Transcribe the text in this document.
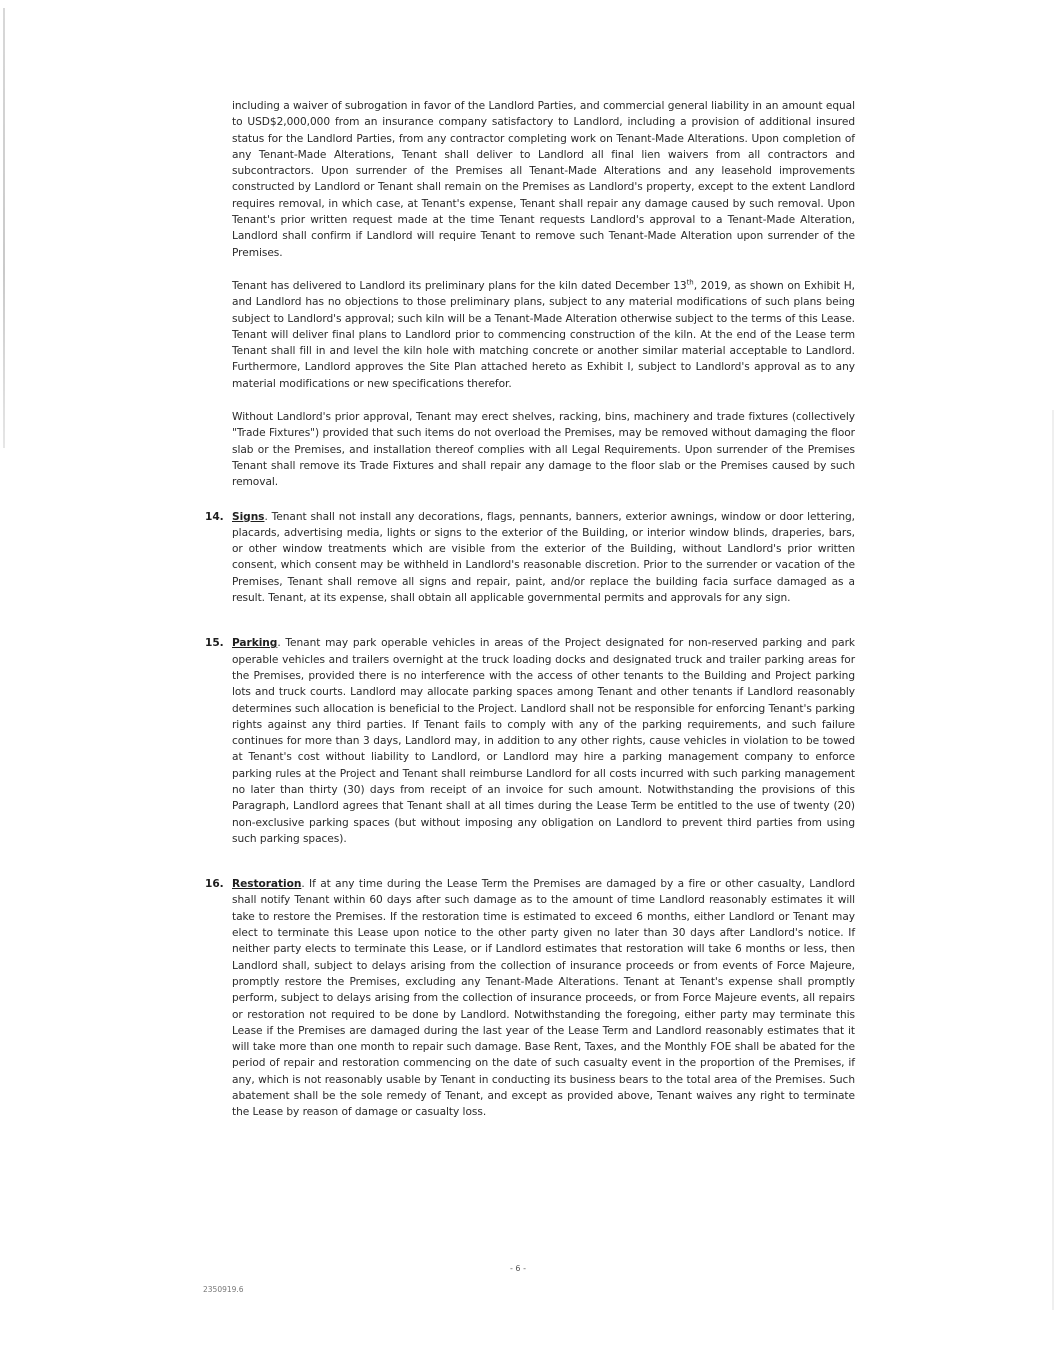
including a waiver of subrogation in favor of the Landlord Parties, and commercial general liability in an amount equal to USD$2,000,000 from an insurance company satisfactory to Landlord, including a provision of additional insured status for the Landlord Parties, from any contractor completing work on Tenant-Made Alterations. Upon completion of any Tenant-Made Alterations, Tenant shall deliver to Landlord all final lien waivers from all contractors and subcontractors. Upon surrender of the Premises all Tenant-Made Alterations and any leasehold improvements constructed by Landlord or Tenant shall remain on the Premises as Landlord's property, except to the extent Landlord requires removal, in which case, at Tenant's expense, Tenant shall repair any damage caused by such removal. Upon Tenant's prior written request made at the time Tenant requests Landlord's approval to a Tenant-Made Alteration, Landlord shall confirm if Landlord will require Tenant to remove such Tenant-Made Alteration upon surrender of the Premises.

Tenant has delivered to Landlord its preliminary plans for the kiln dated December 13th, 2019, as shown on Exhibit H, and Landlord has no objections to those preliminary plans, subject to any material modifications of such plans being subject to Landlord's approval; such kiln will be a Tenant-Made Alteration otherwise subject to the terms of this Lease. Tenant will deliver final plans to Landlord prior to commencing construction of the kiln. At the end of the Lease term Tenant shall fill in and level the kiln hole with matching concrete or another similar material acceptable to Landlord. Furthermore, Landlord approves the Site Plan attached hereto as Exhibit I, subject to Landlord's approval as to any material modifications or new specifications therefor.

Without Landlord's prior approval, Tenant may erect shelves, racking, bins, machinery and trade fixtures (collectively "Trade Fixtures") provided that such items do not overload the Premises, may be removed without damaging the floor slab or the Premises, and installation thereof complies with all Legal Requirements. Upon surrender of the Premises Tenant shall remove its Trade Fixtures and shall repair any damage to the floor slab or the Premises caused by such removal.

14. Signs. Tenant shall not install any decorations, flags, pennants, banners, exterior awnings, window or door lettering, placards, advertising media, lights or signs to the exterior of the Building, or interior window blinds, draperies, bars, or other window treatments which are visible from the exterior of the Building, without Landlord's prior written consent, which consent may be withheld in Landlord's reasonable discretion. Prior to the surrender or vacation of the Premises, Tenant shall remove all signs and repair, paint, and/or replace the building facia surface damaged as a result. Tenant, at its expense, shall obtain all applicable governmental permits and approvals for any sign.
15. Parking. Tenant may park operable vehicles in areas of the Project designated for non-reserved parking and park operable vehicles and trailers overnight at the truck loading docks and designated truck and trailer parking areas for the Premises, provided there is no interference with the access of other tenants to the Building and Project parking lots and truck courts. Landlord may allocate parking spaces among Tenant and other tenants if Landlord reasonably determines such allocation is beneficial to the Project. Landlord shall not be responsible for enforcing Tenant's parking rights against any third parties. If Tenant fails to comply with any of the parking requirements, and such failure continues for more than 3 days, Landlord may, in addition to any other rights, cause vehicles in violation to be towed at Tenant's cost without liability to Landlord, or Landlord may hire a parking management company to enforce parking rules at the Project and Tenant shall reimburse Landlord for all costs incurred with such parking management no later than thirty (30) days from receipt of an invoice for such amount. Notwithstanding the provisions of this Paragraph, Landlord agrees that Tenant shall at all times during the Lease Term be entitled to the use of twenty (20) non-exclusive parking spaces (but without imposing any obligation on Landlord to prevent third parties from using such parking spaces).
16. Restoration. If at any time during the Lease Term the Premises are damaged by a fire or other casualty, Landlord shall notify Tenant within 60 days after such damage as to the amount of time Landlord reasonably estimates it will take to restore the Premises. If the restoration time is estimated to exceed 6 months, either Landlord or Tenant may elect to terminate this Lease upon notice to the other party given no later than 30 days after Landlord's notice. If neither party elects to terminate this Lease, or if Landlord estimates that restoration will take 6 months or less, then Landlord shall, subject to delays arising from the collection of insurance proceeds or from events of Force Majeure, promptly restore the Premises, excluding any Tenant-Made Alterations. Tenant at Tenant's expense shall promptly perform, subject to delays arising from the collection of insurance proceeds, or from Force Majeure events, all repairs or restoration not required to be done by Landlord. Notwithstanding the foregoing, either party may terminate this Lease if the Premises are damaged during the last year of the Lease Term and Landlord reasonably estimates that it will take more than one month to repair such damage. Base Rent, Taxes, and the Monthly FOE shall be abated for the period of repair and restoration commencing on the date of such casualty event in the proportion of the Premises, if any, which is not reasonably usable by Tenant in conducting its business bears to the total area of the Premises. Such abatement shall be the sole remedy of Tenant, and except as provided above, Tenant waives any right to terminate the Lease by reason of damage or casualty loss.
- 6 -
2350919.6
